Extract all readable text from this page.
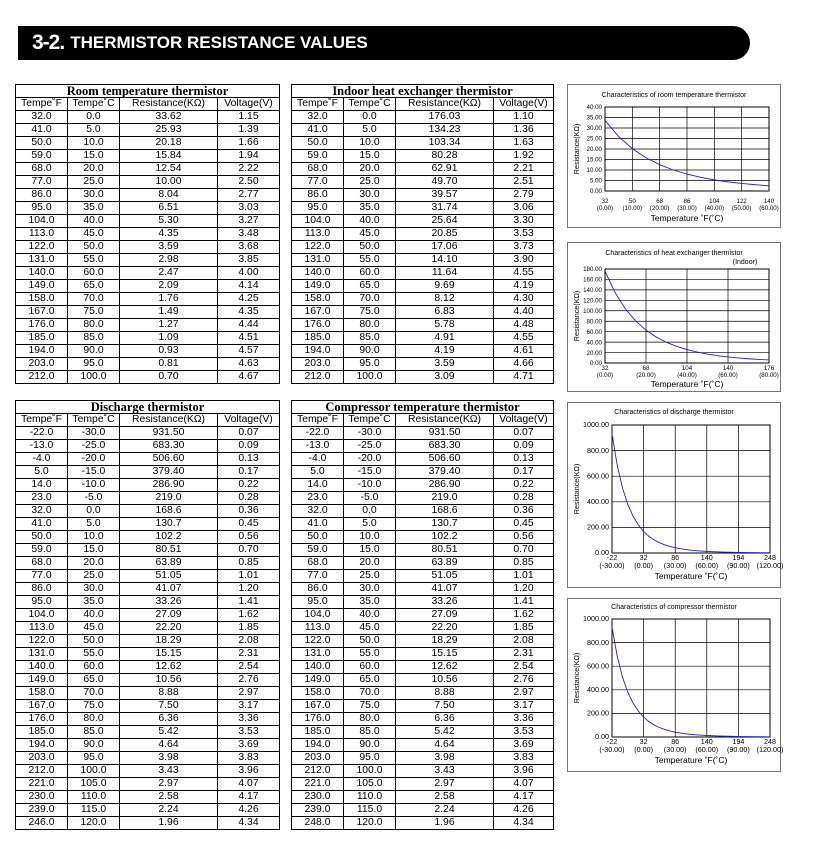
3-2. THERMISTOR RESISTANCE VALUES
Room temperature thermistor			
Tempe˚F	Tempe˚C	Resistance(KΩ)	Voltage(V)
32.0	0.0	33.62	1.15
41.0	5.0	25.93	1.39
50.0	10.0	20.18	1.66
59.0	15.0	15.84	1.94
68.0	20.0	12.54	2.22
77.0	25.0	10.00	2.50
86.0	30.0	8.04	2.77
95.0	35.0	6.51	3.03
104.0	40.0	5.30	3.27
113.0	45.0	4.35	3.48
122.0	50.0	3.59	3.68
131.0	55.0	2.98	3.85
140.0	60.0	2.47	4.00
149.0	65.0	2.09	4.14
158.0	70.0	1.76	4.25
167.0	75.0	1.49	4.35
176.0	80.0	1.27	4.44
185.0	85.0	1.09	4.51
194.0	90.0	0.93	4.57
203.0	95.0	0.81	4.63
212.0	100.0	0.70	4.67
Indoor heat exchanger thermistor			
Tempe˚F	Tempe˚C	Resistance(KΩ)	Voltage(V)
32.0	0.0	176.03	1.10
41.0	5.0	134.23	1.36
50.0	10.0	103.34	1.63
59.0	15.0	80.28	1.92
68.0	20.0	62.91	2.21
77.0	25.0	49.70	2.51
86.0	30.0	39.57	2.79
95.0	35.0	31.74	3.06
104.0	40.0	25.64	3.30
113.0	45.0	20.85	3.53
122.0	50.0	17.06	3.73
131.0	55.0	14.10	3.90
140.0	60.0	11.64	4.55
149.0	65.0	9.69	4.19
158.0	70.0	8.12	4.30
167.0	75.0	6.83	4.40
176.0	80.0	5.78	4.48
185.0	85.0	4.91	4.55
194.0	90.0	4.19	4.61
203.0	95.0	3.59	4.66
212.0	100.0	3.09	4.71
Discharge thermistor			
Tempe˚F	Tempe˚C	Resistance(KΩ)	Voltage(V)
-22.0	-30.0	931.50	0.07
-13.0	-25.0	683.30	0.09
-4.0	-20.0	506.60	0.13
5.0	-15.0	379.40	0.17
14.0	-10.0	286.90	0.22
23.0	-5.0	219.0	0.28
32.0	0.0	168.6	0.36
41.0	5.0	130.7	0.45
50.0	10.0	102.2	0.56
59.0	15.0	80.51	0.70
68.0	20.0	63.89	0.85
77.0	25.0	51.05	1.01
86.0	30.0	41.07	1.20
95.0	35.0	33.26	1.41
104.0	40.0	27.09	1.62
113.0	45.0	22.20	1.85
122.0	50.0	18.29	2.08
131.0	55.0	15.15	2.31
140.0	60.0	12.62	2.54
149.0	65.0	10.56	2.76
158.0	70.0	8.88	2.97
167.0	75.0	7.50	3.17
176.0	80.0	6.36	3.36
185.0	85.0	5.42	3.53
194.0	90.0	4.64	3.69
203.0	95.0	3.98	3.83
212.0	100.0	3.43	3.96
221.0	105.0	2.97	4.07
230.0	110.0	2.58	4.17
239.0	115.0	2.24	4.26
246.0	120.0	1.96	4.34
Compressor temperature thermistor			
Tempe˚F	Tempe˚C	Resistance(KΩ)	Voltage(V)
-22.0	-30.0	931.50	0.07
-13.0	-25.0	683.30	0.09
-4.0	-20.0	506.60	0.13
5.0	-15.0	379.40	0.17
14.0	-10.0	286.90	0.22
23.0	-5.0	219.0	0.28
32.0	0.0	168.6	0.36
41.0	5.0	130.7	0.45
50.0	10.0	102.2	0.56
59.0	15.0	80.51	0.70
68.0	20.0	63.89	0.85
77.0	25.0	51.05	1.01
86.0	30.0	41.07	1.20
95.0	35.0	33.26	1.41
104.0	40.0	27.09	1.62
113.0	45.0	22.20	1.85
122.0	50.0	18.29	2.08
131.0	55.0	15.15	2.31
140.0	60.0	12.62	2.54
149.0	65.0	10.56	2.76
158.0	70.0	8.88	2.97
167.0	75.0	7.50	3.17
176.0	80.0	6.36	3.36
185.0	85.0	5.42	3.53
194.0	90.0	4.64	3.69
203.0	95.0	3.98	3.83
212.0	100.0	3.43	3.96
221.0	105.0	2.97	4.07
230.0	110.0	2.58	4.17
239.0	115.0	2.24	4.26
248.0	120.0	1.96	4.34
Characteristics of room temperature thermistor
40.00
35.00
30.00
25.00
20.00
15.00
10.00
5.00
0.00
32
(0.00)
50
(10.00)
68
(20.00)
86
(30.00)
104
(40.00)
122
(50.00)
140
(60.00)
Temperature ˚F(˚C)
Resistance(KΩ)
Characteristics of heat exchanger thermistor
(Indoor)
180.00
160.00
140.00
120.00
100.00
80.00
60.00
40.00
20.00
0.00
32
(0.00)
68
(20.00)
104
(40.00)
140
(60.00)
176
(80.00)
Temperature ˚F(˚C)
Resistance(KΩ)
Characteristics of discharge thermistor
1000.00
800.00
600.00
400.00
200.00
0.00
-22
(-30.00)
32
(0.00)
86
(30.00)
140
(60.00)
194
(90.00)
248
(120.00)
Temperature ˚F(˚C)
Resistance(KΩ)
Characteristics of compressor thermistor
1000.00
800.00
600.00
400.00
200.00
0.00
-22
(-30.00)
32
(0.00)
86
(30.00)
140
(60.00)
194
(90.00)
248
(120.00)
Temperature ˚F(˚C)
Resistance(KΩ)
